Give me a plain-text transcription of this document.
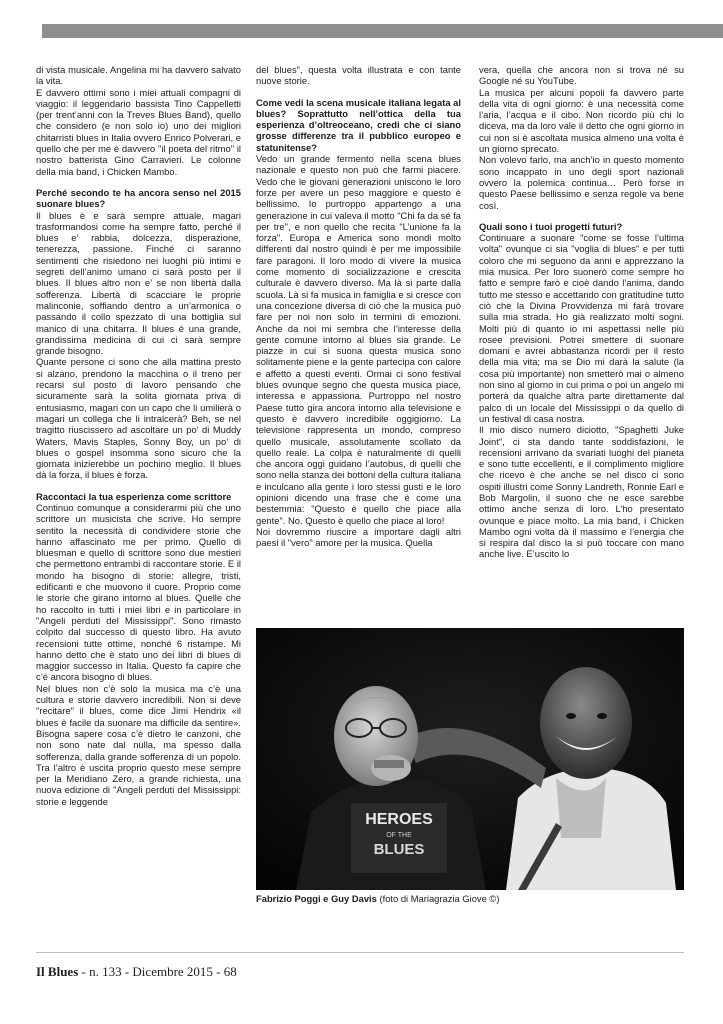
di vista musicale. Angelina mi ha davvero salvato la vita.

E davvero ottimi sono i miei attuali compagni di viaggio: il leggendario bassista Tino Cappelletti (per trent’anni con la Treves Blues Band), quello che considero (e non solo io) uno dei migliori chitarristi blues in Italia ovvero Enrico Polverari, e quello che per me è davvero "il poeta del ritmo" il nostro batterista Gino Carravieri. Le colonne della mia band, i Chicken Mambo.

Perché secondo te ha ancora senso nel 2015 suonare blues?

Il blues è e sarà sempre attuale, magari trasformandosi come ha sempre fatto, perché il blues e’ rabbia, dolcezza, disperazione, tenerezza, passione. Finché ci saranno sentimenti che risiedono nei luoghi più intimi e segreti dell’animo umano ci sarà posto per il blues. Il blues altro non e’ se non libertà dalla sofferenza. Libertà di scacciare le proprie malinconie, soffiando dentro a un’armonica o passando il collo spezzato di una bottiglia sul manico di una chitarra. Il blues è una grande, grandissima medicina di cui ci sarà sempre grande bisogno.

Quante persone ci sono che alla mattina presto si alzano, prendono la macchina o il treno per recarsi sul posto di lavoro pensando che sicuramente sarà la solita giornata priva di entusiasmo, magari con un capo che li umilierà o magari un collega che li intralcerà? Beh, se nel tragitto riuscissero ad ascoltare un po’ di Muddy Waters, Mavis Staples, Sonny Boy, un po’ di blues o gospel insomma sono sicuro che la giornata inizierebbe un pochino meglio. Il blues dà la forza, il blues è forza.

Raccontaci la tua esperienza come scrittore

Continuo comunque a considerarmi più che uno scrittore un musicista che scrive. Ho sempre sentito la necessità di condividere storie che hanno affascinato me per primo. Quello di bluesman e quello di scrittore sono due mestieri che permettono entrambi di raccontare storie. E il mondo ha bisogno di storie: allegre, tristi, edificanti e che muovono il cuore. Proprio come le storie che girano intorno al blues. Quelle che ho raccolto in tutti i miei libri e in particolare in "Angeli perduti del Mississippi". Sono rimasto colpito dal successo di questo libro. Ha avuto recensioni tutte ottime, nonché 6 ristampe. Mi hanno detto che è stato uno dei libri di blues di maggior successo in Italia. Questo fa capire che c’è ancora bisogno di blues.

Nel blues non c’è solo la musica ma c’è una cultura e storie davvero incredibili. Non si deve "recitare" il blues, come dice Jimi Hendrix «il blues è facile da suonare ma difficile da sentire». Bisogna sapere cosa c’è dietro le canzoni, che non sono nate dal nulla, ma spesso dalla sofferenza, dalla grande sofferenza di un popolo. Tra l’altro è uscita proprio questo mese sempre per la Meridiano Zero, a grande richiesta, una nuova edizione di "Angeli perduti del Mississippi: storie e leggende

del blues", questa volta illustrata e con tante nuove storie.

Come vedi la scena musicale italiana legata al blues? Soprattutto nell’ottica della tua esperienza d’oltreoceano, credi che ci siano grosse differenze tra il pubblico europeo e statunitense?

Vedo un grande fermento nella scena blues nazionale e questo non può che farmi piacere. Vedo che le giovani generazioni uniscono le loro forze per avere un peso maggiore e questo è bellissimo. Io purtroppo appartengo a una generazione in cui valeva il motto "Chi fa da sé fa per tre", e non quello che recita "L’unione fa la forza". Europa e America sono mondi molto differenti dal nostro quindi è per me impossibile fare paragoni. Il loro modo di vivere la musica come momento di socializzazione e crescita culturale è davvero diverso. Ma là si parte dalla scuola. Là si fa musica in famiglia e si cresce con una concezione diversa di ciò che la musica può fare per noi non solo in termini di emozioni. Anche da noi mi sembra che l’interesse della gente comune intorno al blues sia grande. Le piazze in cui si suona questa musica sono solitamente piene e la gente partecipa con calore e affetto a questi eventi. Ormai ci sono festival blues ovunque segno che questa musica piace, interessa e appassiona. Purtroppo nel nostro Paese tutto gira ancora intorno alla televisione e questo è davvero incredibile oggigiorno. La televisione rappresenta un mondo, compreso quello musicale, assolutamente scollato da quello reale. La colpa è naturalmente di quelli che ancora oggi guidano l’autobus, di quelli che sono nella stanza dei bottoni della cultura italiana e inculcano alla gente i loro stessi gusti e le loro opinioni dicendo una frase che è come una bestemmia: "Questo è quello che piace alla gente". No. Questo è quello che piace al loro!

Noi dovremmo riuscire a importare dagli altri paesi il "vero" amore per la musica. Quella

vera, quella che ancora non si trova né su Google né su YouTube.

La musica per alcuni popoli fa davvero parte della vita di ogni giorno: è una necessità come l’aria, l’acqua e il cibo. Non ricordo più chi lo diceva, ma da loro vale il detto che ogni giorno in cui non si è ascoltata musica almeno una volta è un giorno sprecato.

Non volevo farlo, ma anch’io in questo momento sono incappato in uno degli sport nazionali ovvero la polemica continua… Però forse in questo Paese bellissimo e senza regole va bene così.

Quali sono i tuoi progetti futuri?

Continuare a suonare "come se fosse l’ultima volta" ovunque ci sia "voglia di blues" e per tutti coloro che mi seguono da anni e apprezzano la mia musica. Per loro suonerò come sempre ho fatto e sempre farò e cioè dando l’anima, dando tutto me stesso e accettando con gratitudine tutto ciò che la Divina Provvidenza mi farà trovare sulla mia strada. Ho già realizzato molti sogni. Molti più di quanto io mi aspettassi nelle più rosee previsioni. Potrei smettere di suonare domani e avrei abbastanza ricordi per il resto della mia vita; ma se Dio mi darà la salute (la cosa più importante) non smetterò mai o almeno non sino al giorno in cui prima o poi un angelo mi porterà da qualche altra parte direttamente dal palco di un locale del Mississippi o da quello di un festival di casa nostra.

Il mio disco numero diciotto, "Spaghetti Juke Joint", ci sta dando tante soddisfazioni, le recensioni arrivano da svariati luoghi del pianeta e sono tutte eccellenti, e il complimento migliore che ricevo è che anche se nel disco ci sono ospiti illustri come Sonny Landreth, Ronnie Earl e Bob Margolin, il suono che ne esce sarebbe ottimo anche senza di loro. L’ho presentato ovunque e piace molto. La mia band, i Chicken Mambo ogni volta dà il massimo e l’energia che si respira dal disco la si può toccare con mano anche live. E’uscito lo

HEROES
OF THE
BLUES
Fabrizio Poggi e Guy Davis (foto di Mariagrazia Giove ©)
Il Blues - n. 133 - Dicembre 2015 - 68
